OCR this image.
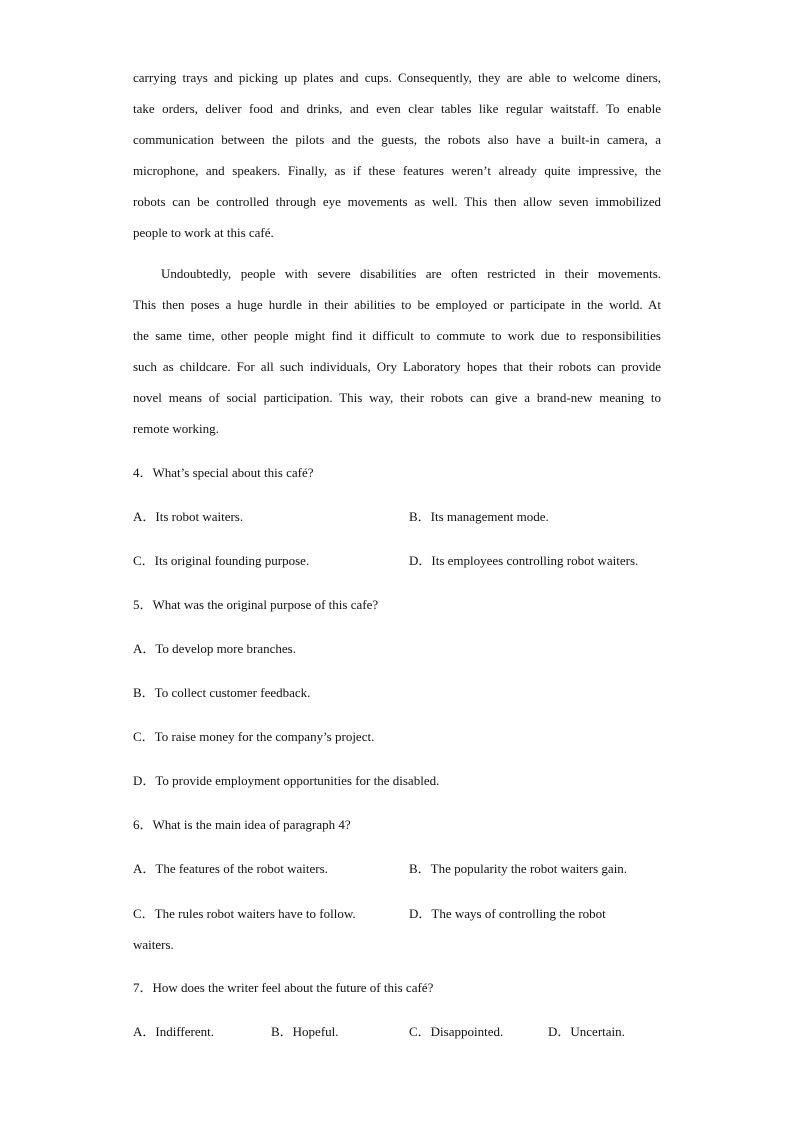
carrying trays and picking up plates and cups. Consequently, they are able to welcome diners,
take orders, deliver food and drinks, and even clear tables like regular waitstaff. To enable
communication between the pilots and the guests, the robots also have a built-in camera, a
microphone, and speakers. Finally, as if these features weren’t already quite impressive, the
robots can be controlled through eye movements as well. This then allow seven immobilized
people to work at this café.
Undoubtedly, people with severe disabilities are often restricted in their movements.
This then poses a huge hurdle in their abilities to be employed or participate in the world. At
the same time, other people might find it difficult to commute to work due to responsibilities
such as childcare. For all such individuals, Ory Laboratory hopes that their robots can provide
novel means of social participation. This way, their robots can give a brand-new meaning to
remote working.
4．What’s special about this café?
A．Its robot waiters.	B．Its management mode.
C．Its original founding purpose.	D．Its employees controlling robot waiters.
5．What was the original purpose of this cafe?
A．To develop more branches.
B．To collect customer feedback.
C．To raise money for the company’s project.
D．To provide employment opportunities for the disabled.
6．What is the main idea of paragraph 4?
A．The features of the robot waiters.	B．The popularity the robot waiters gain.
C．The rules robot waiters have to follow.	D．The ways of controlling the robot
waiters.
7．How does the writer feel about the future of this café?
A．Indifferent.	B．Hopeful.	C．Disappointed.	D．Uncertain.
